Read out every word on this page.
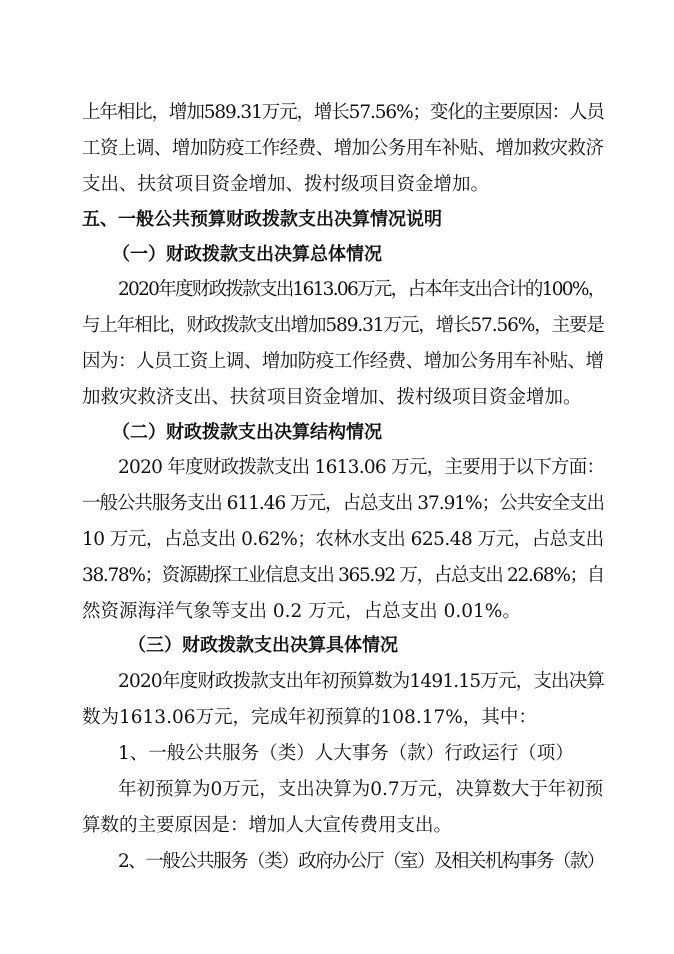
上年相比，增加589.31万元，增长57.56%；变化的主要原因：人员
工资上调、增加防疫工作经费、增加公务用车补贴、增加救灾救济
支出、扶贫项目资金增加、拨村级项目资金增加。
五、一般公共预算财政拨款支出决算情况说明
（一）财政拨款支出决算总体情况
2020年度财政拨款支出1613.06万元，占本年支出合计的100%，
与上年相比，财政拨款支出增加589.31万元，增长57.56%，主要是
因为：人员工资上调、增加防疫工作经费、增加公务用车补贴、增
加救灾救济支出、扶贫项目资金增加、拨村级项目资金增加。
（二）财政拨款支出决算结构情况
2020 年度财政拨款支出 1613.06 万元，主要用于以下方面：
一般公共服务支出 611.46 万元，占总支出 37.91%；公共安全支出
10 万元，占总支出 0.62%；农林水支出 625.48 万元，占总支出
38.78%；资源勘探工业信息支出 365.92 万，占总支出 22.68%；自
然资源海洋气象等支出 0.2 万元，占总支出 0.01%。
（三）财政拨款支出决算具体情况
2020年度财政拨款支出年初预算数为1491.15万元，支出决算
数为1613.06万元，完成年初预算的108.17%，其中：
1、一般公共服务（类）人大事务（款）行政运行（项）
年初预算为0万元，支出决算为0.7万元，决算数大于年初预
算数的主要原因是：增加人大宣传费用支出。
2、一般公共服务（类）政府办公厅（室）及相关机构事务（款）
